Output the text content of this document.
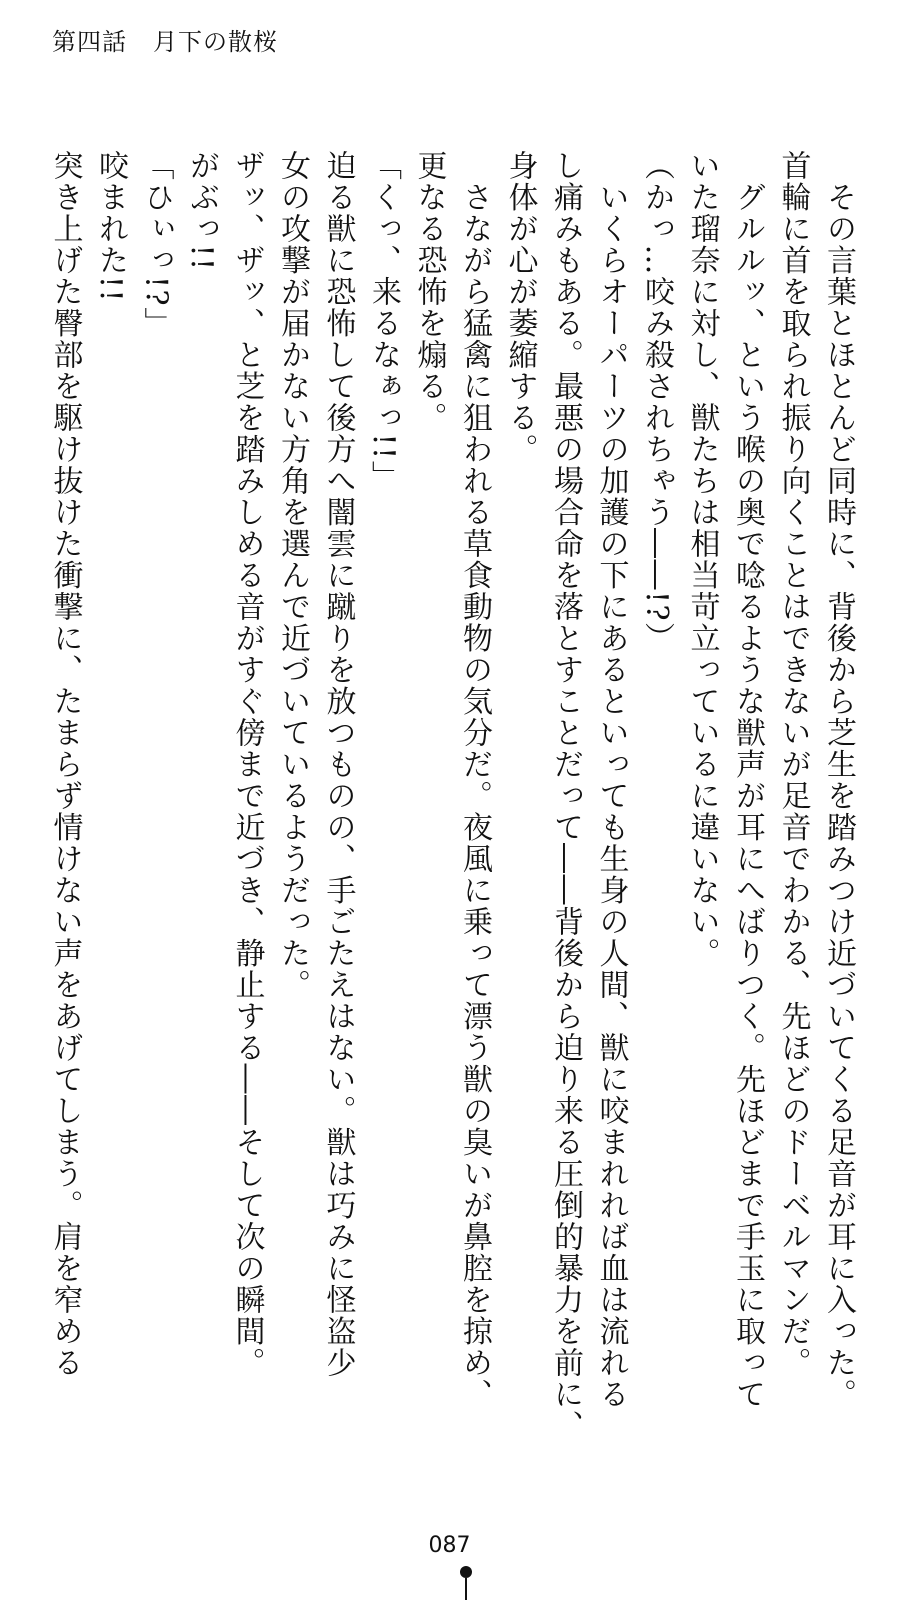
第四話 月下の散桜
　その言葉とほとんど同時に、背後から芝生を踏みつけ近づいてくる足音が耳に入った。
首輪に首を取られ振り向くことはできないが足音でわかる、先ほどのドーベルマンだ。
　グルルッ、という喉の奥で唸るような獣声が耳にへばりつく。先ほどまで手玉に取って
いた瑠奈に対し、獣たちは相当苛立っているに違いない。
（かっ…咬み殺されちゃう――!?）
　いくらオーパーツの加護の下にあるといっても生身の人間、獣に咬まれれば血は流れる
し痛みもある。最悪の場合命を落とすことだって――背後から迫り来る圧倒的暴力を前に、
身体が心が萎縮する。
　さながら猛禽に狙われる草食動物の気分だ。夜風に乗って漂う獣の臭いが鼻腔を掠め、
更なる恐怖を煽る。
「くっ、来るなぁっ!!」
迫る獣に恐怖して後方へ闇雲に蹴りを放つものの、手ごたえはない。獣は巧みに怪盗少
女の攻撃が届かない方角を選んで近づいているようだった。
ザッ、ザッ、と芝を踏みしめる音がすぐ傍まで近づき、静止する――そして次の瞬間。
がぶっ!!
「ひぃっ!?」
咬まれた!!
突き上げた臀部を駆け抜けた衝撃に、たまらず情けない声をあげてしまう。肩を窄める
087
